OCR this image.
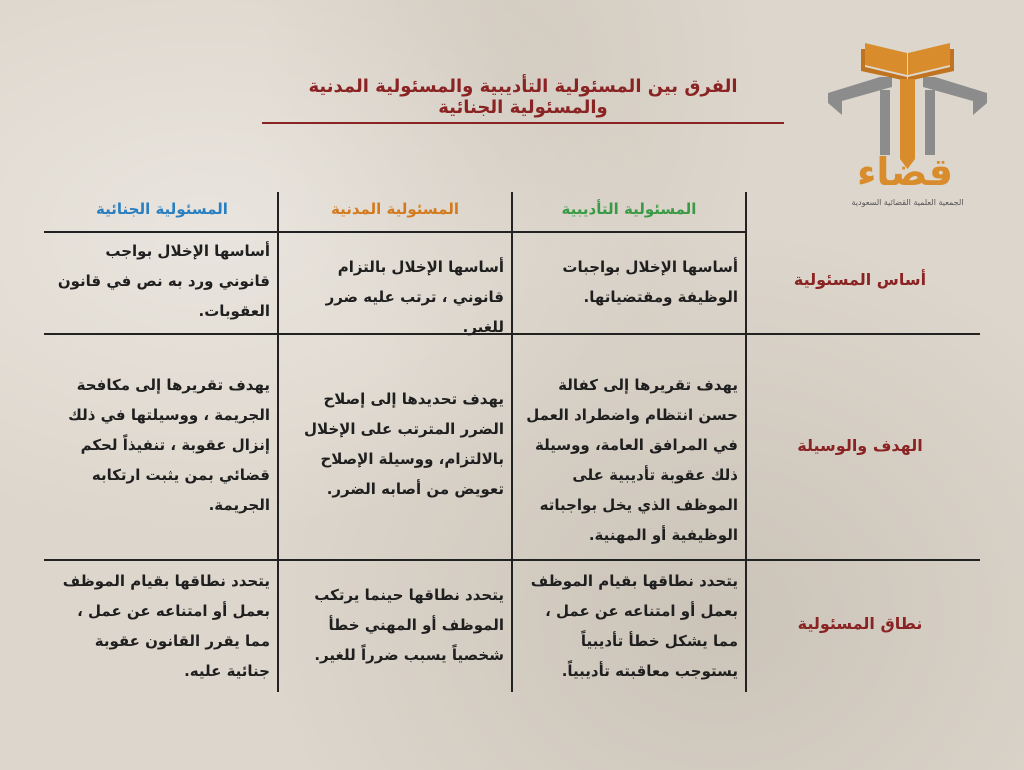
الفرق بين المسئولية التأديبية والمسئولية المدنية والمسئولية الجنائية
قضاء
الجمعية العلمية القضائية السعودية
المسئولية الجنائية	المسئولية المدنية	المسئولية التأديبية
أساس المسئولية
الهدف والوسيلة
نطاق المسئولية
أساسها الإخلال بواجب قانوني ورد به نص في قانون العقوبات.
أساسها الإخلال بالتزام قانوني ، ترتب عليه ضرر للغير.
أساسها الإخلال بواجبات الوظيفة ومقتضياتها.
يهدف تقريرها إلى مكافحة الجريمة ، ووسيلتها في ذلك إنزال عقوبة ، تنفيذاً لحكم قضائي بمن يثبت ارتكابه الجريمة.
يهدف تحديدها إلى إصلاح الضرر المترتب على الإخلال بالالتزام، ووسيلة الإصلاح تعويض من أصابه الضرر.
يهدف تقريرها إلى كفالة حسن انتظام واضطراد العمل في المرافق العامة، ووسيلة ذلك عقوبة تأديبية على الموظف الذي يخل بواجباته الوظيفية أو المهنية.
يتحدد نطاقها بقيام الموظف بعمل أو امتناعه عن عمل ، مما يقرر القانون عقوبة جنائية عليه.
يتحدد نطاقها حينما يرتكب الموظف أو المهني خطأ شخصياً يسبب ضرراً للغير.
يتحدد نطاقها بقيام الموظف بعمل أو امتناعه عن عمل ، مما يشكل خطأ تأديبياً يستوجب معاقبته تأديبياً.
